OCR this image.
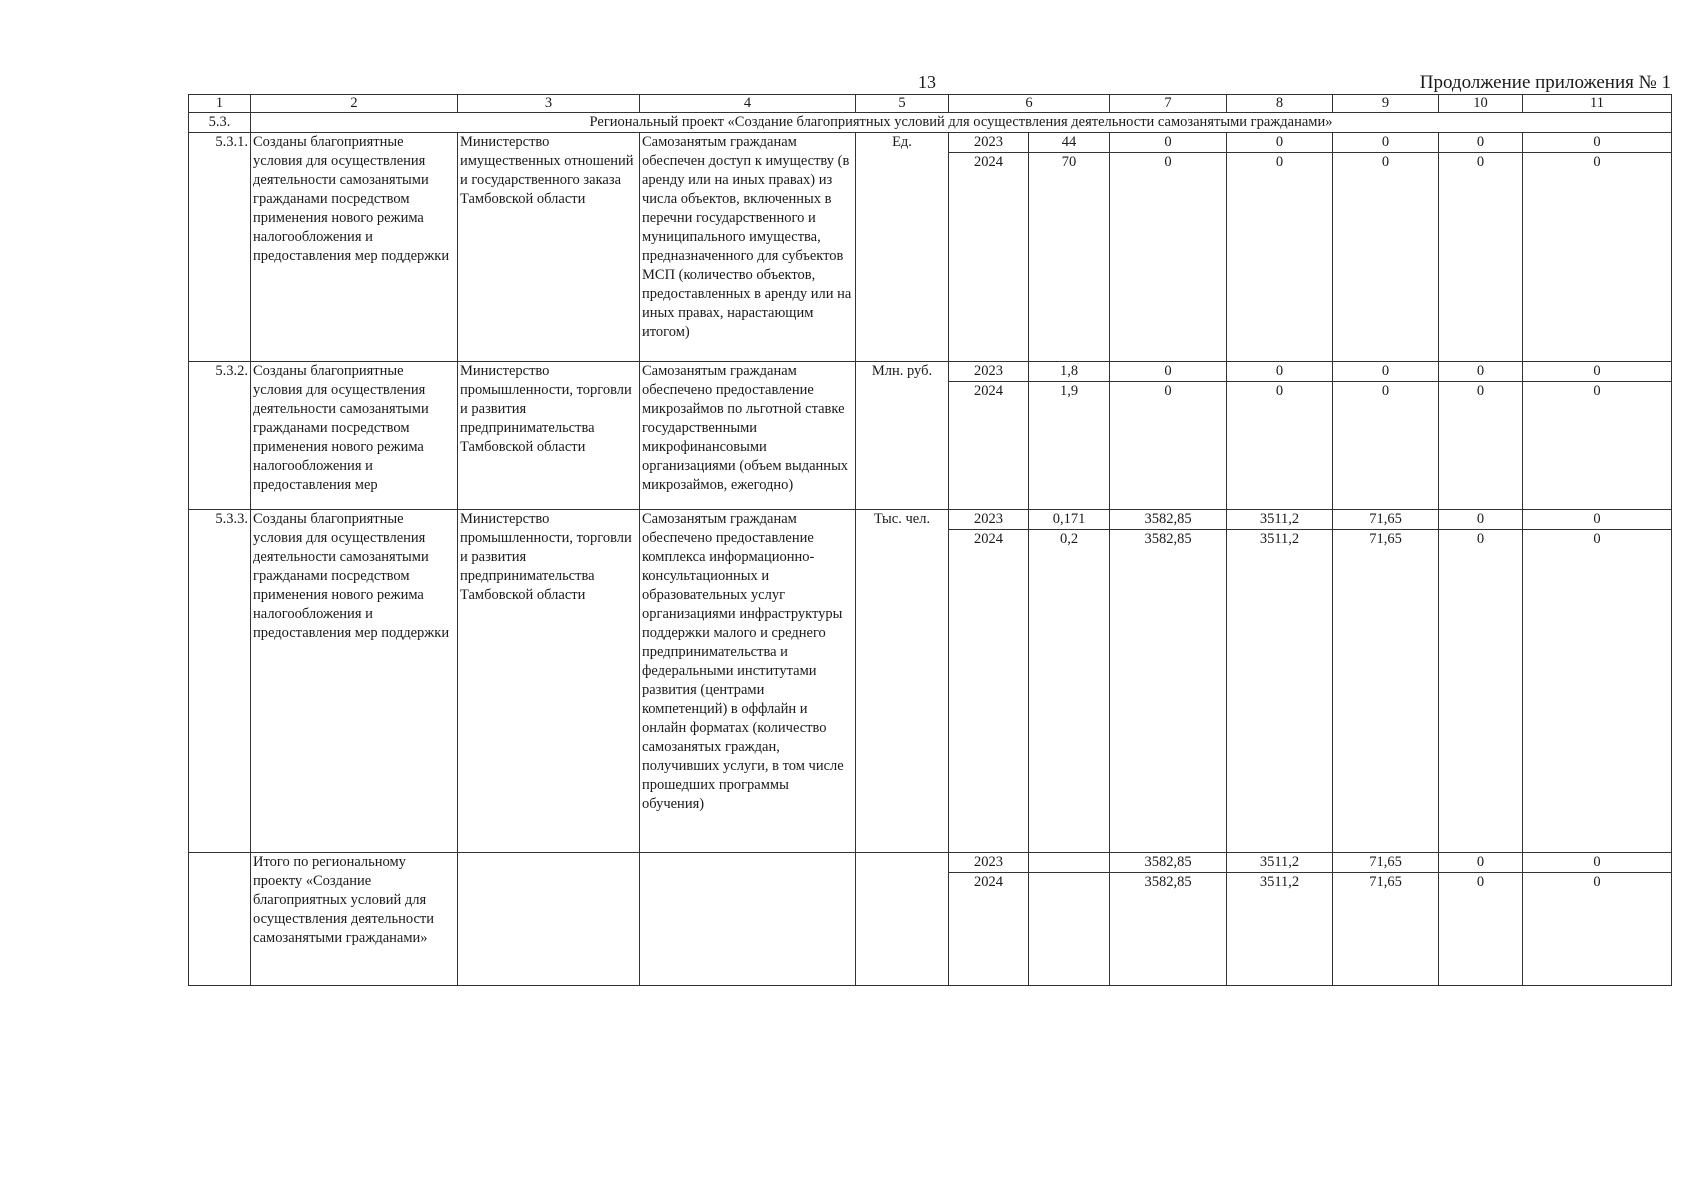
13	Продолжение приложения № 1
1	2	3	4	5	6		7	8	9	10	11
5.3.	Региональный проект «Создание благоприятных условий для осуществления деятельности самозанятыми гражданами»										
5.3.1.	Созданы благоприятные условия для осуществления деятельности самозанятыми гражданами посредством применения нового режима налогообложения и предоставления мер поддержки	Министерство имущественных отношений и государственного заказа Тамбовской области	Самозанятым гражданам обеспечен доступ к имуществу (в аренду или на иных правах) из числа объектов, включенных в перечни государственного и муниципального имущества, предназначенного для субъектов МСП (количество объектов, предоставленных в аренду или на иных правах, нарастающим итогом)	Ед.	2023	44	0	0	0	0	0
					2024	70	0	0	0	0	0
5.3.2.	Созданы благоприятные условия для осуществления деятельности самозанятыми гражданами посредством применения нового режима налогообложения и предоставления мер	Министерство промышленности, торговли и развития предпринимательства Тамбовской области	Самозанятым гражданам обеспечено предоставление микрозаймов по льготной ставке государственными микрофинансовыми организациями (объем выданных микрозаймов, ежегодно)	Млн. руб.	2023	1,8	0	0	0	0	0
					2024	1,9	0	0	0	0	0
5.3.3.	Созданы благоприятные условия для осуществления деятельности самозанятыми гражданами посредством применения нового режима налогообложения и предоставления мер поддержки	Министерство промышленности, торговли и развития предпринимательства Тамбовской области	Самозанятым гражданам обеспечено предоставление комплекса информационно-консультационных и образовательных услуг организациями инфраструктуры поддержки малого и среднего предпринимательства и федеральными институтами развития (центрами компетенций) в оффлайн и онлайн форматах (количество самозанятых граждан, получивших услуги, в том числе прошедших программы обучения)	Тыс. чел.	2023	0,171	3582,85	3511,2	71,65	0	0
					2024	0,2	3582,85	3511,2	71,65	0	0
	Итого по региональному проекту «Создание благоприятных условий для осуществления деятельности самозанятыми гражданами»				2023		3582,85	3511,2	71,65	0	0
					2024		3582,85	3511,2	71,65	0	0
